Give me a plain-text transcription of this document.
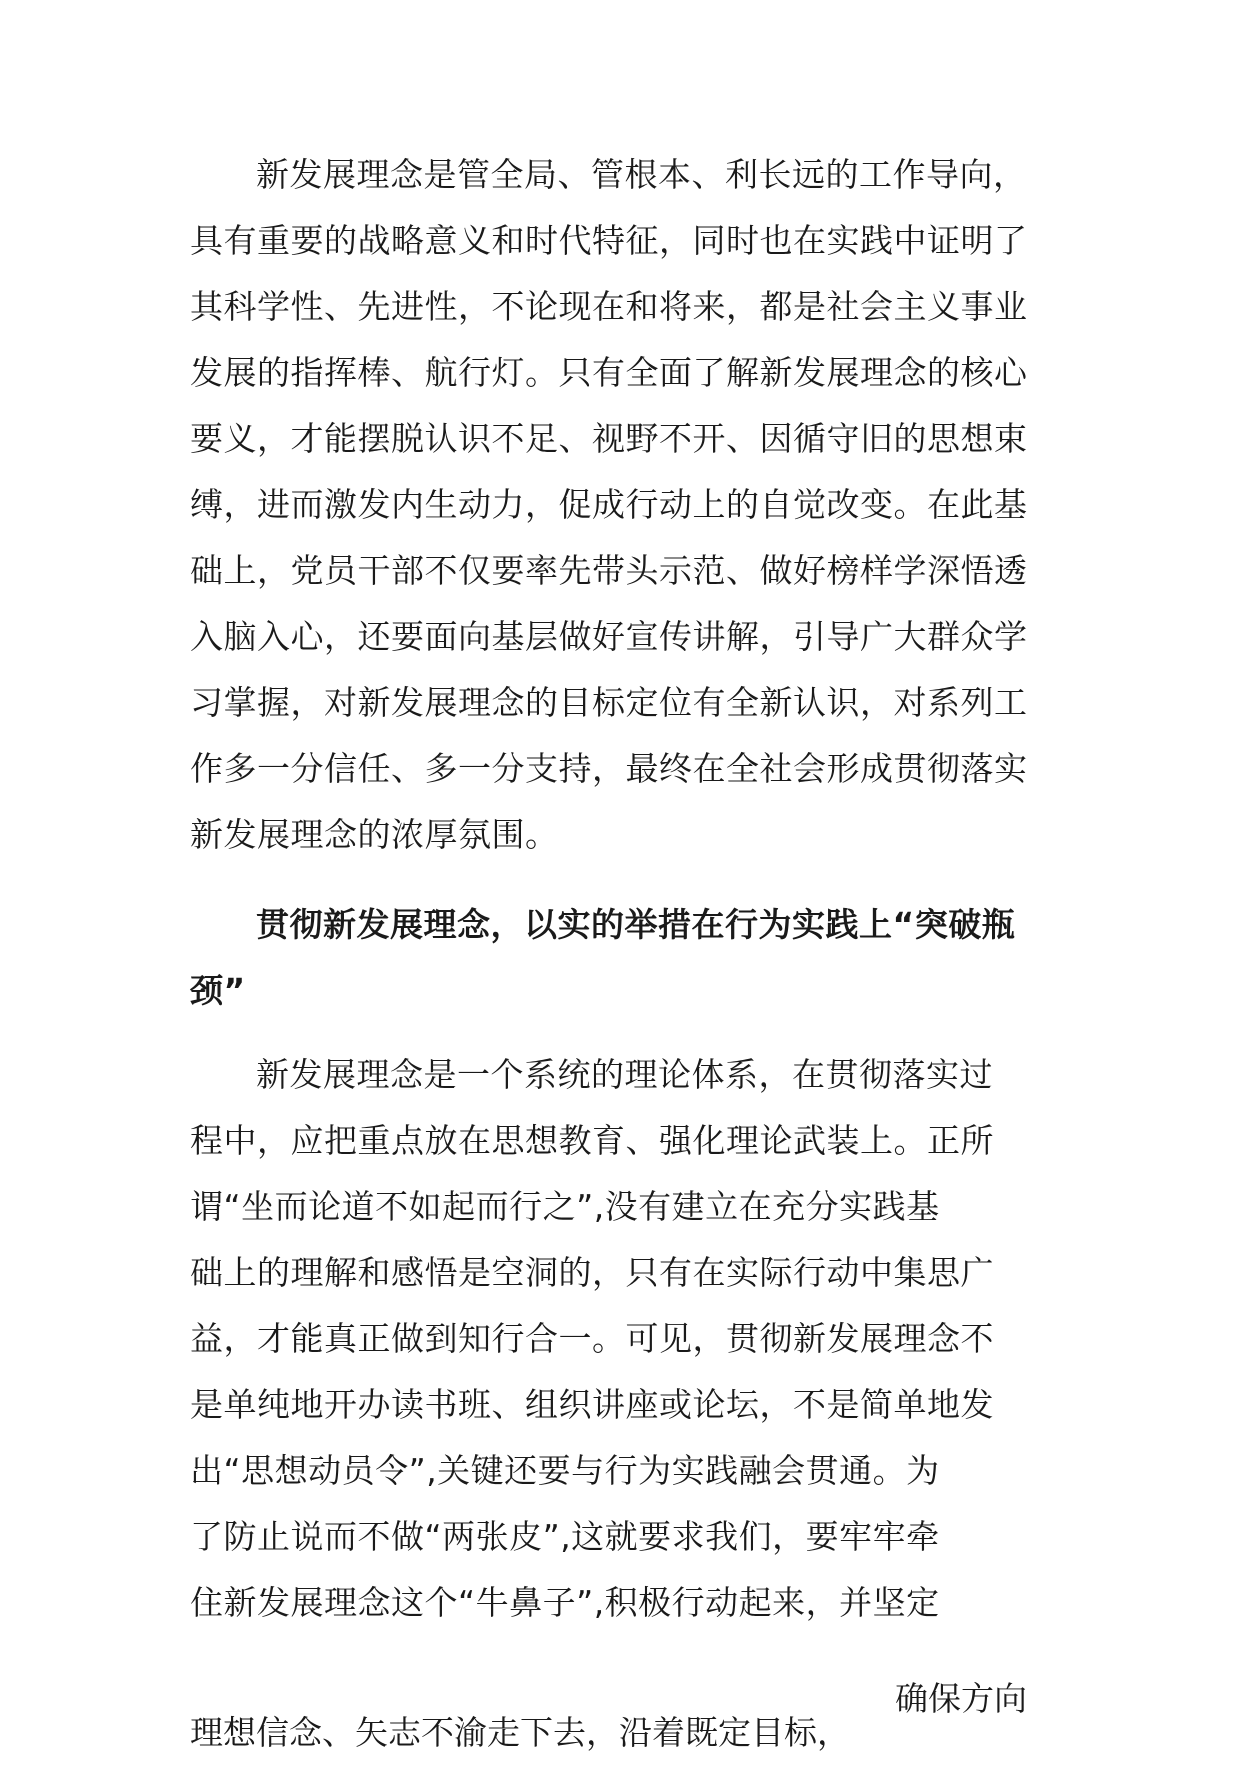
新发展理念是管全局、管根本、利长远的工作导向，
具有重要的战略意义和时代特征，同时也在实践中证明了
其科学性、先进性，不论现在和将来，都是社会主义事业
发展的指挥棒、航行灯。只有全面了解新发展理念的核心
要义，才能摆脱认识不足、视野不开、因循守旧的思想束
缚，进而激发内生动力，促成行动上的自觉改变。在此基
础上，党员干部不仅要率先带头示范、做好榜样学深悟透
入脑入心，还要面向基层做好宣传讲解，引导广大群众学
习掌握，对新发展理念的目标定位有全新认识，对系列工
作多一分信任、多一分支持，最终在全社会形成贯彻落实
新发展理念的浓厚氛围。
贯彻新发展理念，以实的举措在行为实践上“突破瓶
颈”
新发展理念是一个系统的理论体系，在贯彻落实过
程中，应把重点放在思想教育、强化理论武装上。正所
谓“坐而论道不如起而行之”,没有建立在充分实践基
础上的理解和感悟是空洞的，只有在实际行动中集思广
益，才能真正做到知行合一。可见，贯彻新发展理念不
是单纯地开办读书班、组织讲座或论坛，不是简单地发
出“思想动员令”,关键还要与行为实践融会贯通。为
了防止说而不做“两张皮”,这就要求我们，要牢牢牵
住新发展理念这个“牛鼻子”,积极行动起来，并坚定
确保方向
理想信念、矢志不渝走下去，沿着既定目标，
